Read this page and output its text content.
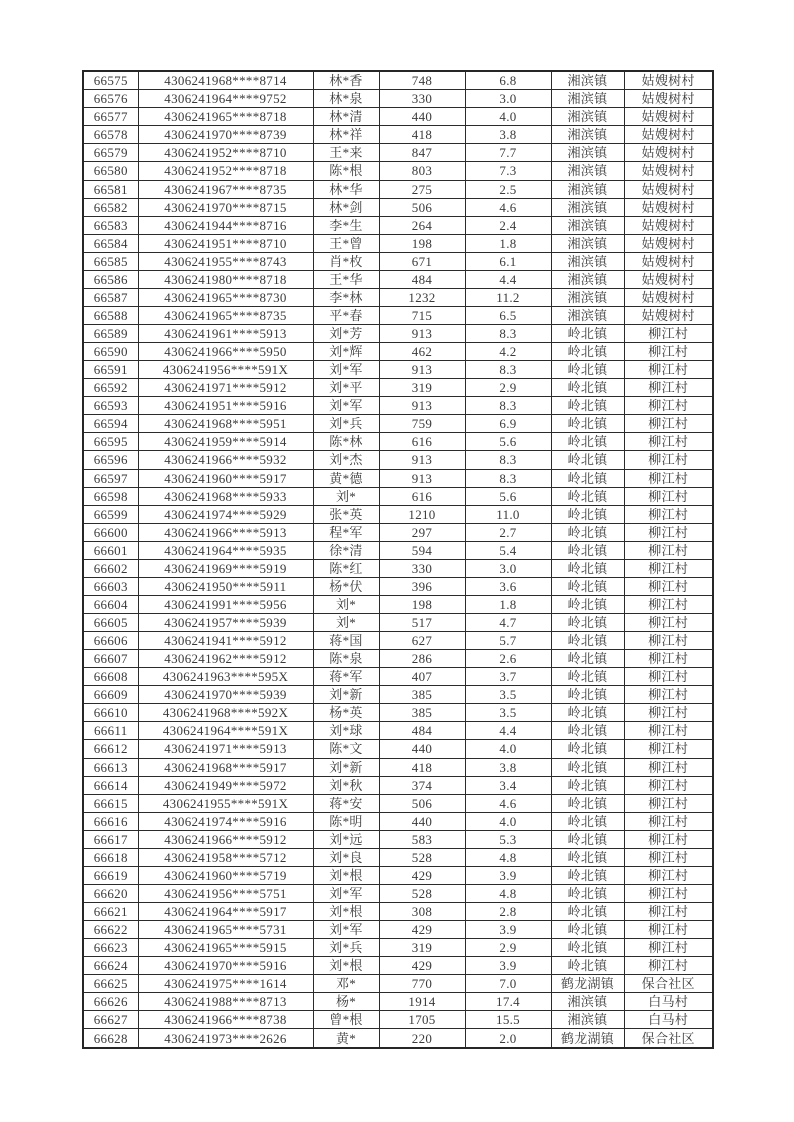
66575	4306241968****8714	林*香	748	6.8	湘滨镇	姑嫂树村
66576	4306241964****9752	林*泉	330	3.0	湘滨镇	姑嫂树村
66577	4306241965****8718	林*清	440	4.0	湘滨镇	姑嫂树村
66578	4306241970****8739	林*祥	418	3.8	湘滨镇	姑嫂树村
66579	4306241952****8710	王*来	847	7.7	湘滨镇	姑嫂树村
66580	4306241952****8718	陈*根	803	7.3	湘滨镇	姑嫂树村
66581	4306241967****8735	林*华	275	2.5	湘滨镇	姑嫂树村
66582	4306241970****8715	林*剑	506	4.6	湘滨镇	姑嫂树村
66583	4306241944****8716	李*生	264	2.4	湘滨镇	姑嫂树村
66584	4306241951****8710	王*曾	198	1.8	湘滨镇	姑嫂树村
66585	4306241955****8743	肖*枚	671	6.1	湘滨镇	姑嫂树村
66586	4306241980****8718	王*华	484	4.4	湘滨镇	姑嫂树村
66587	4306241965****8730	李*林	1232	11.2	湘滨镇	姑嫂树村
66588	4306241965****8735	平*春	715	6.5	湘滨镇	姑嫂树村
66589	4306241961****5913	刘*芳	913	8.3	岭北镇	柳江村
66590	4306241966****5950	刘*辉	462	4.2	岭北镇	柳江村
66591	4306241956****591X	刘*军	913	8.3	岭北镇	柳江村
66592	4306241971****5912	刘*平	319	2.9	岭北镇	柳江村
66593	4306241951****5916	刘*军	913	8.3	岭北镇	柳江村
66594	4306241968****5951	刘*兵	759	6.9	岭北镇	柳江村
66595	4306241959****5914	陈*林	616	5.6	岭北镇	柳江村
66596	4306241966****5932	刘*杰	913	8.3	岭北镇	柳江村
66597	4306241960****5917	黄*德	913	8.3	岭北镇	柳江村
66598	4306241968****5933	刘*	616	5.6	岭北镇	柳江村
66599	4306241974****5929	张*英	1210	11.0	岭北镇	柳江村
66600	4306241966****5913	程*军	297	2.7	岭北镇	柳江村
66601	4306241964****5935	徐*清	594	5.4	岭北镇	柳江村
66602	4306241969****5919	陈*红	330	3.0	岭北镇	柳江村
66603	4306241950****5911	杨*伏	396	3.6	岭北镇	柳江村
66604	4306241991****5956	刘*	198	1.8	岭北镇	柳江村
66605	4306241957****5939	刘*	517	4.7	岭北镇	柳江村
66606	4306241941****5912	蒋*国	627	5.7	岭北镇	柳江村
66607	4306241962****5912	陈*泉	286	2.6	岭北镇	柳江村
66608	4306241963****595X	蒋*军	407	3.7	岭北镇	柳江村
66609	4306241970****5939	刘*新	385	3.5	岭北镇	柳江村
66610	4306241968****592X	杨*英	385	3.5	岭北镇	柳江村
66611	4306241964****591X	刘*球	484	4.4	岭北镇	柳江村
66612	4306241971****5913	陈*文	440	4.0	岭北镇	柳江村
66613	4306241968****5917	刘*新	418	3.8	岭北镇	柳江村
66614	4306241949****5972	刘*秋	374	3.4	岭北镇	柳江村
66615	4306241955****591X	蒋*安	506	4.6	岭北镇	柳江村
66616	4306241974****5916	陈*明	440	4.0	岭北镇	柳江村
66617	4306241966****5912	刘*远	583	5.3	岭北镇	柳江村
66618	4306241958****5712	刘*良	528	4.8	岭北镇	柳江村
66619	4306241960****5719	刘*根	429	3.9	岭北镇	柳江村
66620	4306241956****5751	刘*军	528	4.8	岭北镇	柳江村
66621	4306241964****5917	刘*根	308	2.8	岭北镇	柳江村
66622	4306241965****5731	刘*军	429	3.9	岭北镇	柳江村
66623	4306241965****5915	刘*兵	319	2.9	岭北镇	柳江村
66624	4306241970****5916	刘*根	429	3.9	岭北镇	柳江村
66625	4306241975****1614	邓*	770	7.0	鹤龙湖镇	保合社区
66626	4306241988****8713	杨*	1914	17.4	湘滨镇	白马村
66627	4306241966****8738	曾*根	1705	15.5	湘滨镇	白马村
66628	4306241973****2626	黄*	220	2.0	鹤龙湖镇	保合社区
